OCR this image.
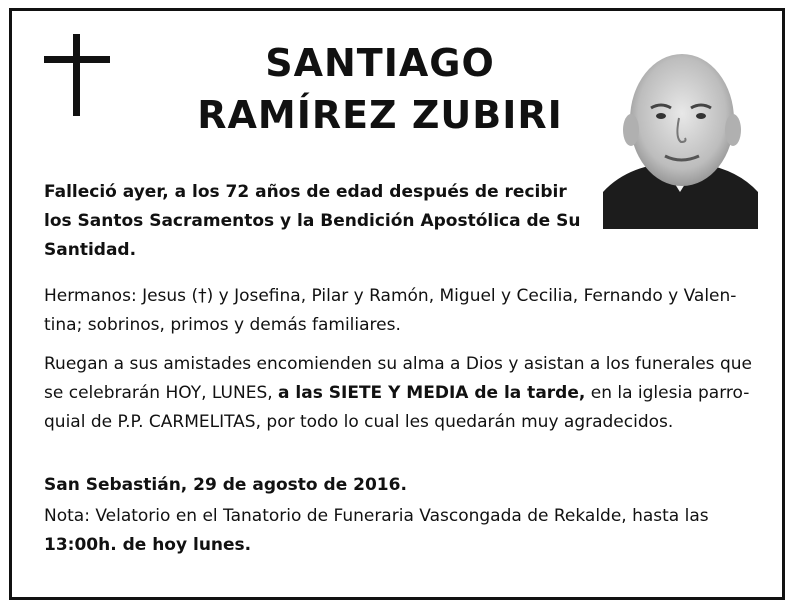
SANTIAGO
RAMÍREZ ZUBIRI
Falleció ayer, a los 72 años de edad después de recibir
los Santos Sacramentos y la Bendición Apostólica de Su
Santidad.
Hermanos: Jesus (†) y Josefina, Pilar y Ramón, Miguel y Cecilia, Fernando y Valen-
tina; sobrinos, primos y demás familiares.
Ruegan a sus amistades encomienden su alma a Dios y asistan a los funerales que
se celebrarán HOY, LUNES, a las SIETE Y MEDIA de la tarde, en la iglesia parro-
quial de P.P. CARMELITAS, por todo lo cual les quedarán muy agradecidos.
San Sebastián, 29 de agosto de 2016.
Nota: Velatorio en el Tanatorio de Funeraria Vascongada de Rekalde, hasta las
13:00h. de hoy lunes.
